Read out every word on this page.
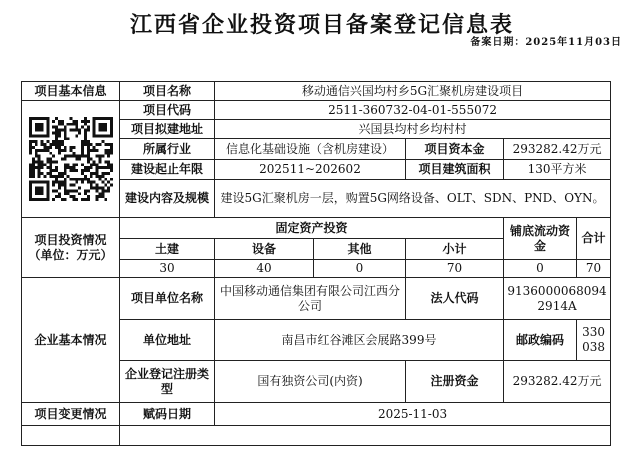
江西省企业投资项目备案登记信息表
备案日期：2025年11月03日
项目基本信息	项目名称	移动通信兴国均村乡5G汇聚机房建设项目				

	项目代码	2511-360732-04-01-555072				
	项目拟建地址	兴国县均村乡均村村				
	所属行业	信息化基础设施（含机房建设）		项目资本金	293282.42万元	
	建设起止年限	202511~202602		项目建筑面积	130平方米	
	建设内容及规模	建设5G汇聚机房一层，购置5G网络设备、OLT、SDN、PND、OYN。				
项目投资情况（单位：万元）	固定资产投资				铺底流动资金	合计
	土建	设备	其他	小计		
	30	40	0	70	0	70
企业基本情况	项目单位名称	中国移动通信集团有限公司江西分公司		法人代码	91360000680942914A	
	单位地址	南昌市红谷滩区会展路399号			邮政编码	330038
	企业登记注册类型	国有独资公司(内资)		注册资金	293282.42万元	
项目变更情况	赋码日期	2025-11-03				
